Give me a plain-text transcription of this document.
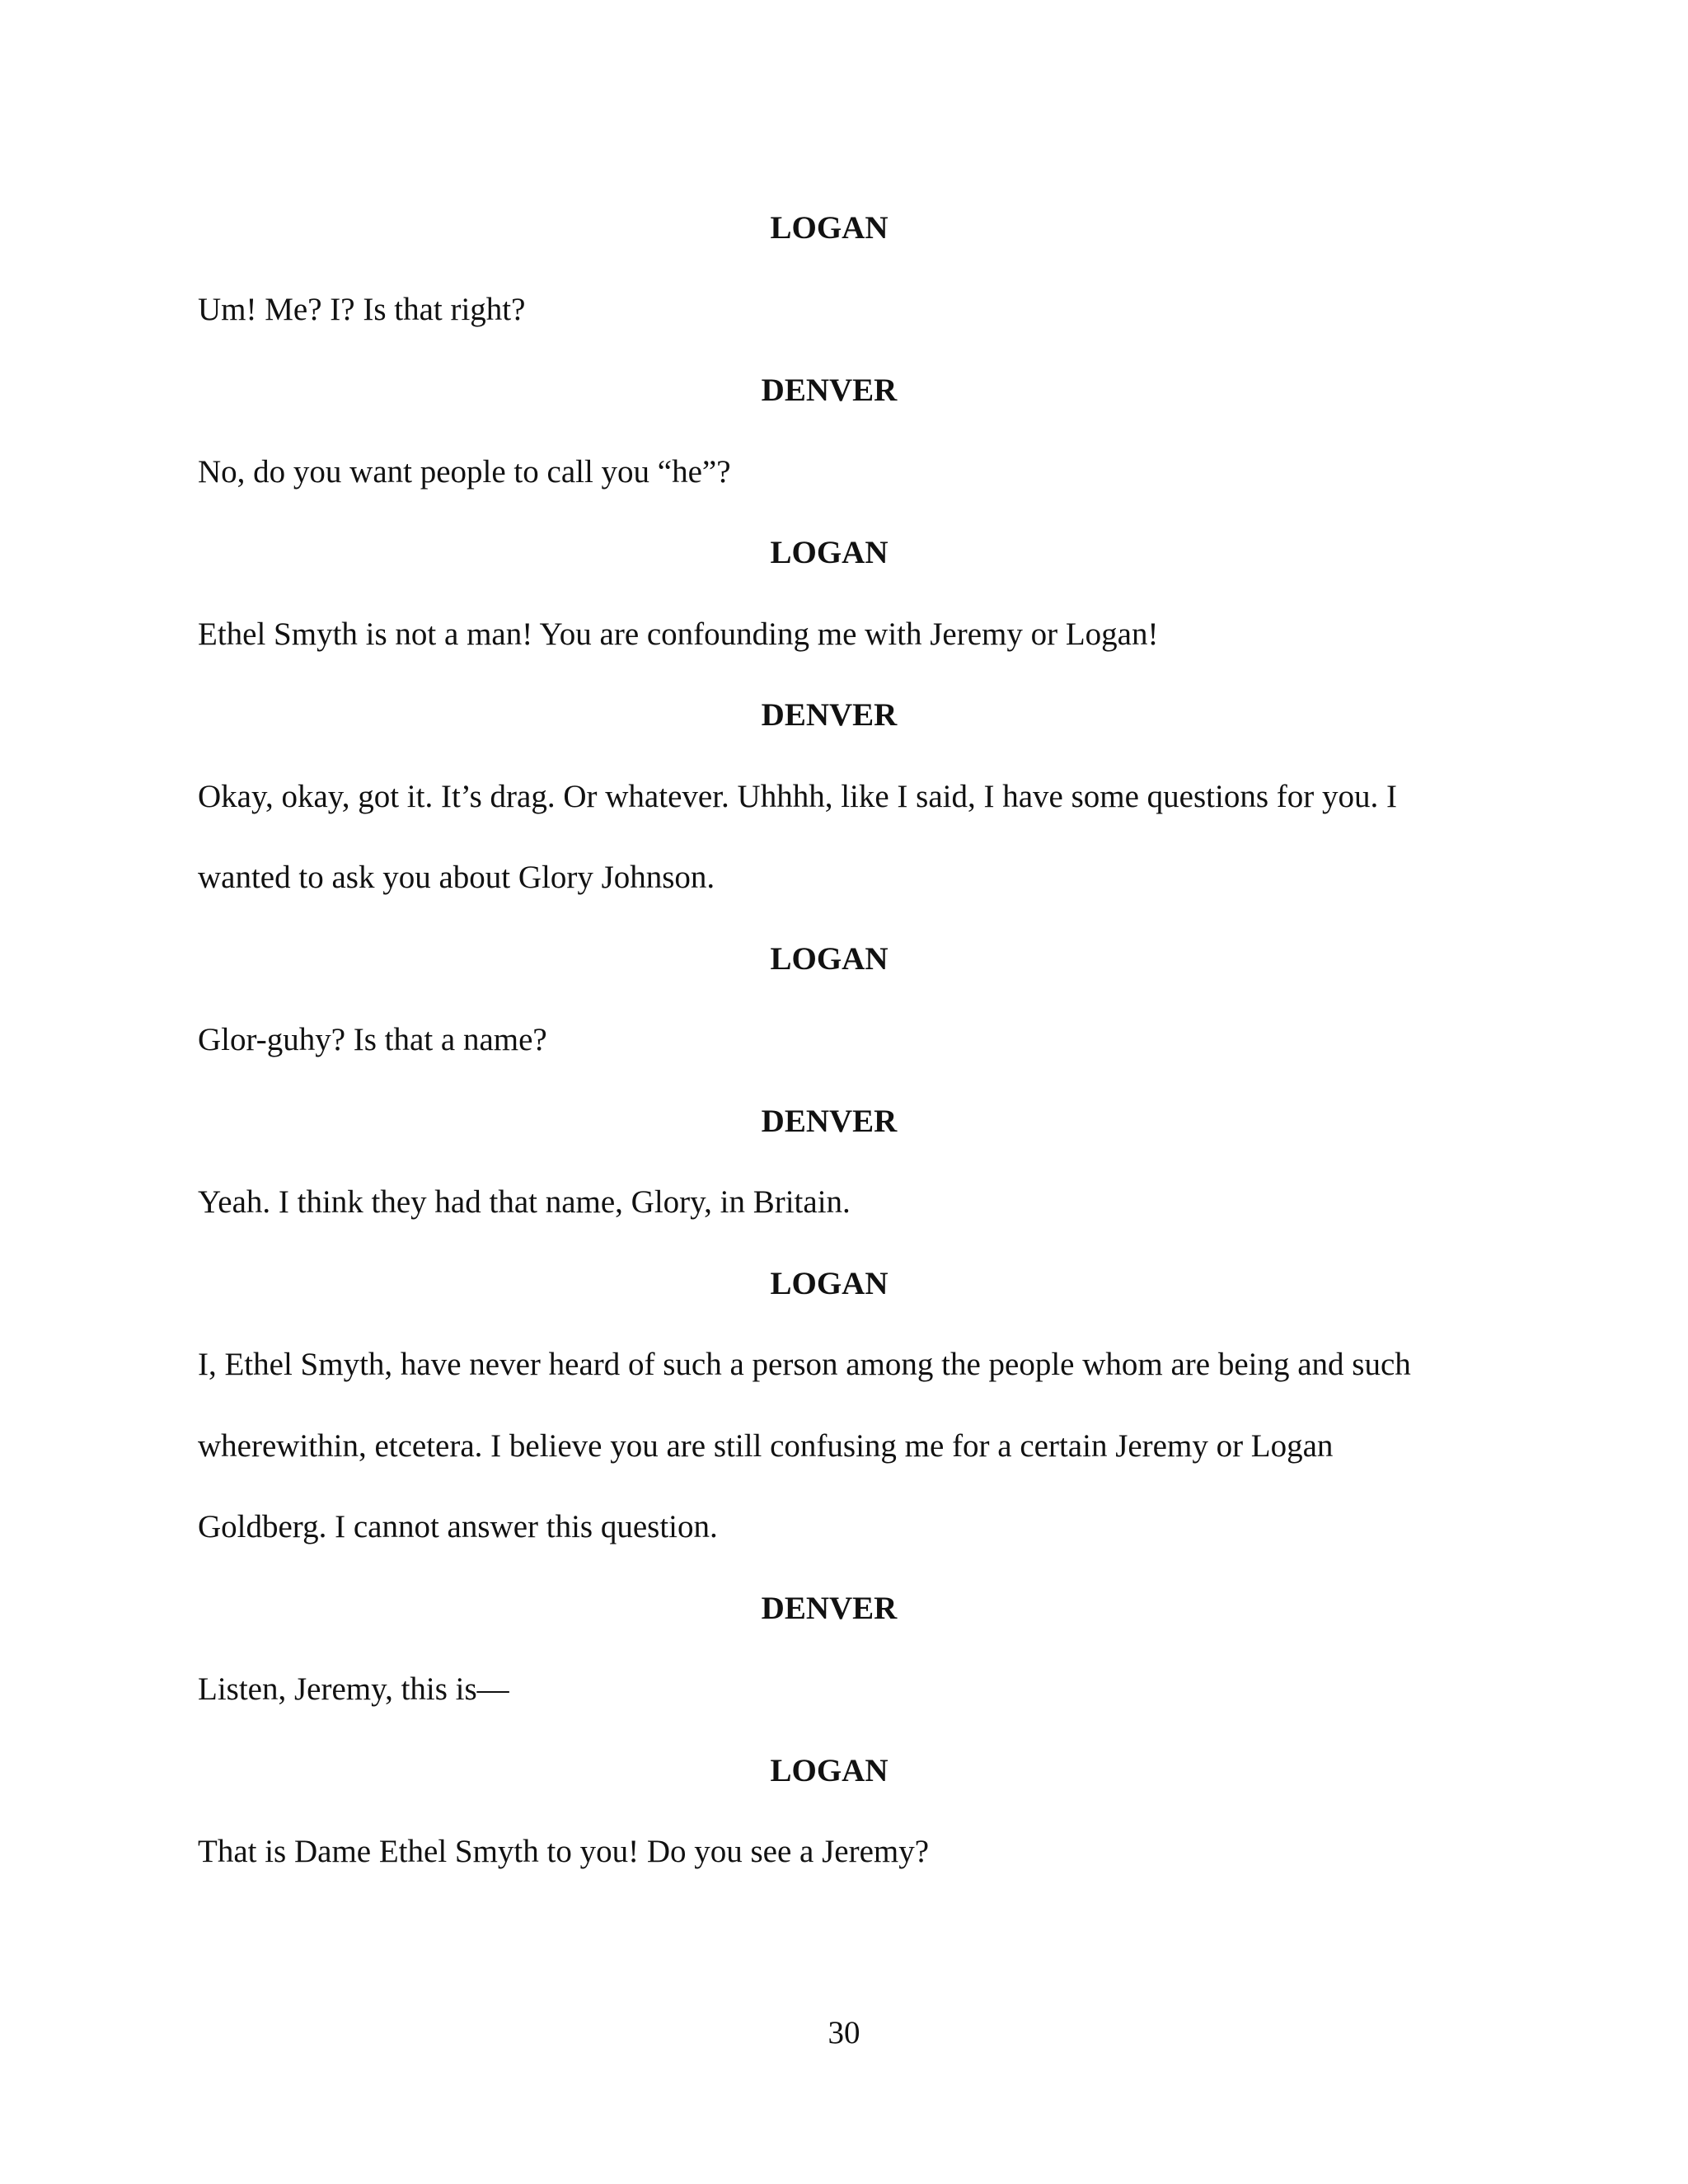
LOGAN
Um! Me? I? Is that right?
DENVER
No, do you want people to call you “he”?
LOGAN
Ethel Smyth is not a man! You are confounding me with Jeremy or Logan!
DENVER
Okay, okay, got it. It’s drag. Or whatever. Uhhhh, like I said, I have some questions for you. I
wanted to ask you about Glory Johnson.
LOGAN
Glor-guhy? Is that a name?
DENVER
Yeah. I think they had that name, Glory, in Britain.
LOGAN
I, Ethel Smyth, have never heard of such a person among the people whom are being and such
wherewithin, etcetera. I believe you are still confusing me for a certain Jeremy or Logan
Goldberg. I cannot answer this question.
DENVER
Listen, Jeremy, this is—
LOGAN
That is Dame Ethel Smyth to you! Do you see a Jeremy?
30
